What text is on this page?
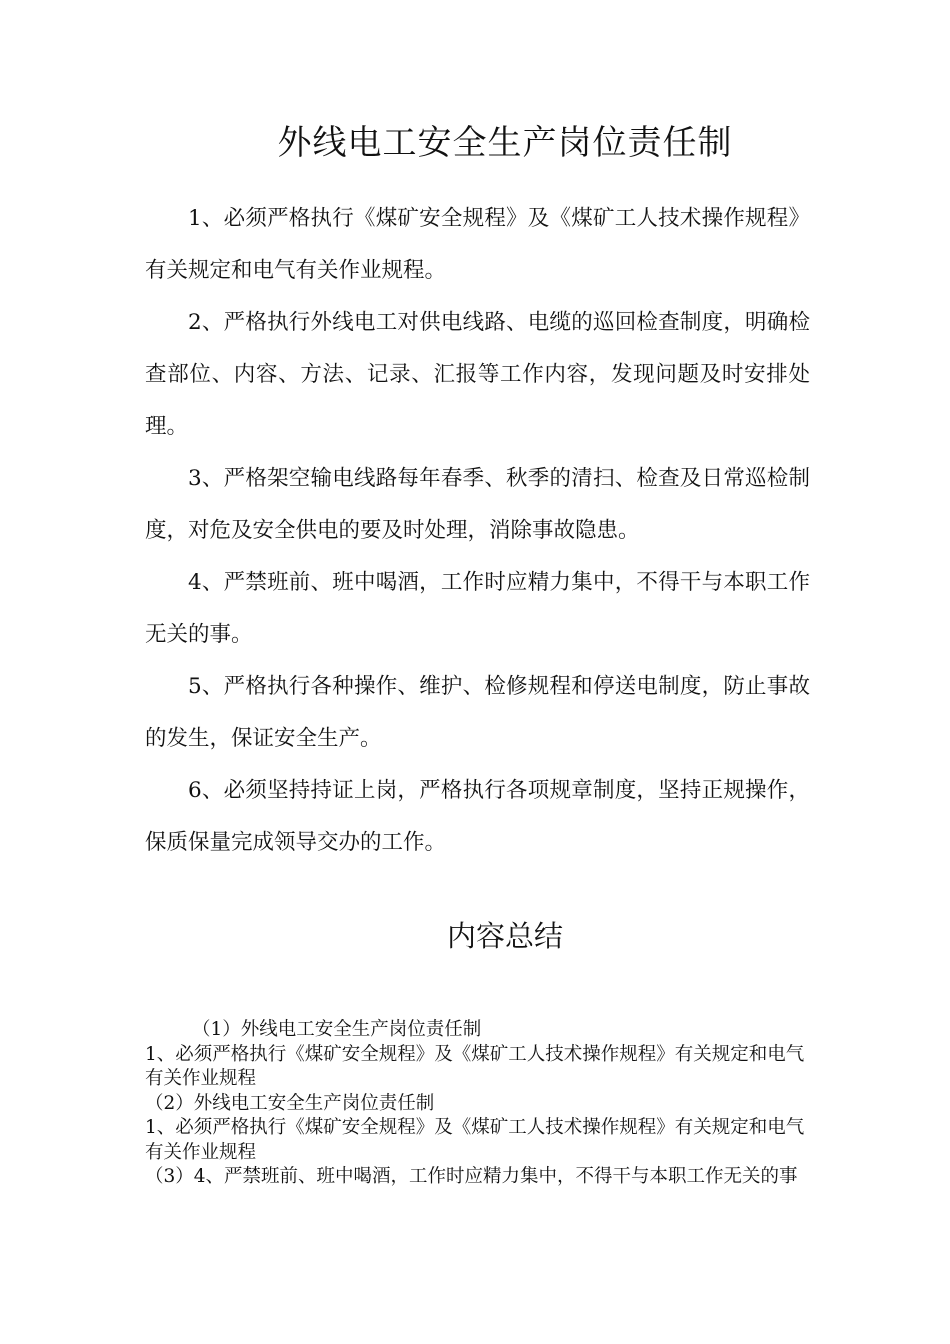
外线电工安全生产岗位责任制

1、必须严格执行《煤矿安全规程》及《煤矿工人技术操作规程》有关规定和电气有关作业规程。

2、严格执行外线电工对供电线路、电缆的巡回检查制度，明确检查部位、内容、方法、记录、汇报等工作内容，发现问题及时安排处理。

3、严格架空输电线路每年春季、秋季的清扫、检查及日常巡检制度，对危及安全供电的要及时处理，消除事故隐患。

4、严禁班前、班中喝酒，工作时应精力集中，不得干与本职工作无关的事。

5、严格执行各种操作、维护、检修规程和停送电制度，防止事故的发生，保证安全生产。

6、必须坚持持证上岗，严格执行各项规章制度，坚持正规操作，保质保量完成领导交办的工作。

内容总结
（1）外线电工安全生产岗位责任制
1、必须严格执行《煤矿安全规程》及《煤矿工人技术操作规程》有关规定和电气有关作业规程
（2）外线电工安全生产岗位责任制
1、必须严格执行《煤矿安全规程》及《煤矿工人技术操作规程》有关规定和电气有关作业规程
（3）4、严禁班前、班中喝酒，工作时应精力集中，不得干与本职工作无关的事
